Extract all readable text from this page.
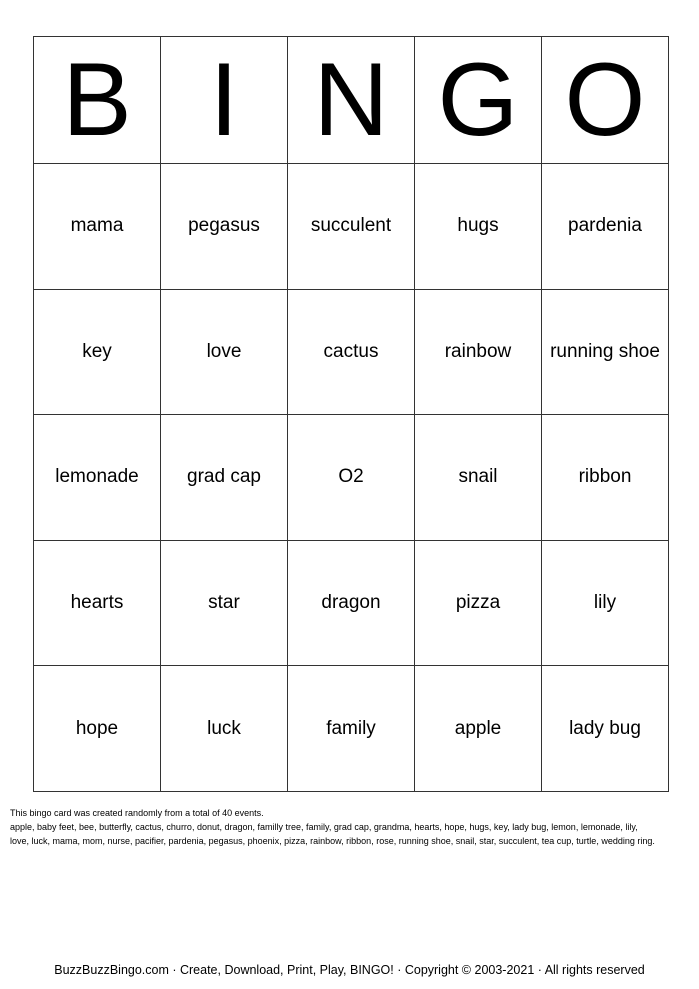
B	I	N	G	O
mama	pegasus	succulent	hugs	pardenia
key	love	cactus	rainbow	running shoe
lemonade	grad cap	O2	snail	ribbon
hearts	star	dragon	pizza	lily
hope	luck	family	apple	lady bug
This bingo card was created randomly from a total of 40 events.
apple, baby feet, bee, butterfly, cactus, churro, donut, dragon, familly tree, family, grad cap, grandma, hearts, hope, hugs, key, lady bug, lemon, lemonade, lily,
love, luck, mama, mom, nurse, pacifier, pardenia, pegasus, phoenix, pizza, rainbow, ribbon, rose, running shoe, snail, star, succulent, tea cup, turtle, wedding ring.
BuzzBuzzBingo.com · Create, Download, Print, Play, BINGO! · Copyright © 2003-2021 · All rights reserved
